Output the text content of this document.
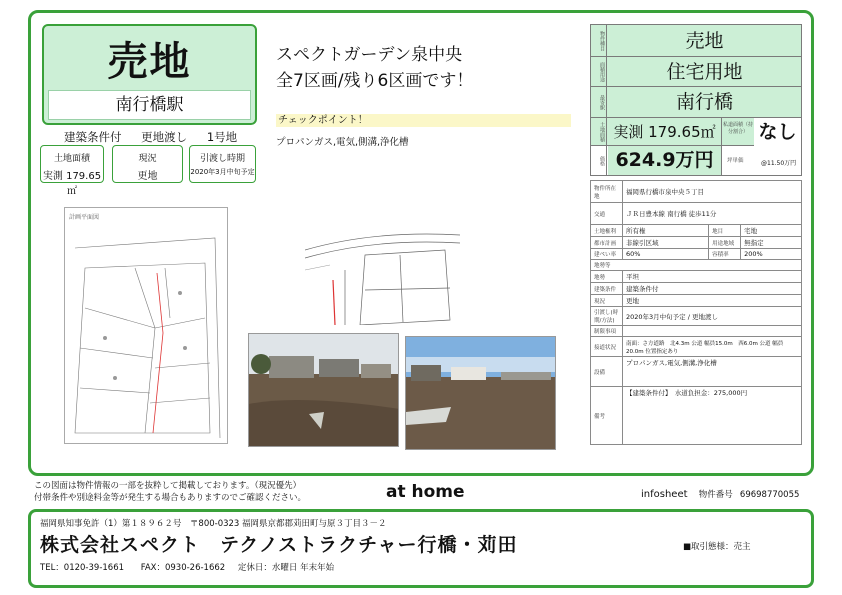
売地
南行橋駅
建築条件付 更地渡し 1号地
土地面積
実測 179.65㎡
現況
更地
引渡し時期
2020年3月中旬予定
スペクトガーデン泉中央
全7区画/残り6区画です！
チェックポイント！
プロパンガス,電気,側溝,浄化槽
計画平面図
物件種目	売地
面積用途	住宅用地
最寄駅	南行橋
土地面積 実測 179.65㎡	私道面積（持分割合） なし
価格 624.9万円	坪単価	@11.50万円
物件所在地	福岡県行橋市泉中央５丁目		
交通	ＪＲ日豊本線 南行橋 徒歩11分		
土地権利	所有権	地目	宅地
都市計画	非線引区域	用途地域	無指定
建ぺい率	60%	容積率	200%
地勢等			
地勢	平坦		
建築条件	建築条件付		
現況	更地		
引渡し(時期/方法)	2020年3月中旬予定 / 更地渡し		
制限事項			
接道状況	南面：さ方道路　北4.3m 公道 幅員15.0m　西6.0m 公道 幅員20.0m 位置指定あり		
設備	プロパンガス,電気,側溝,浄化槽		
備考	【建築条件付】　水道負担金：275,000円		
この図面は物件情報の一部を抜粋して掲載しております。（現況優先）
付帯条件や別途料金等が発生する場合もありますのでご確認ください。	at home	infosheet 物件番号 69698770055
福岡県知事免許（1）第１８９６２号　〒800-0323 福岡県京都郡苅田町与原３丁目３－２
株式会社スペクト　テクノストラクチャー行橋・苅田
TEL：0120-39-1661 FAX：0930-26-1662 定休日：水曜日 年末年始
■取引態様：売主
